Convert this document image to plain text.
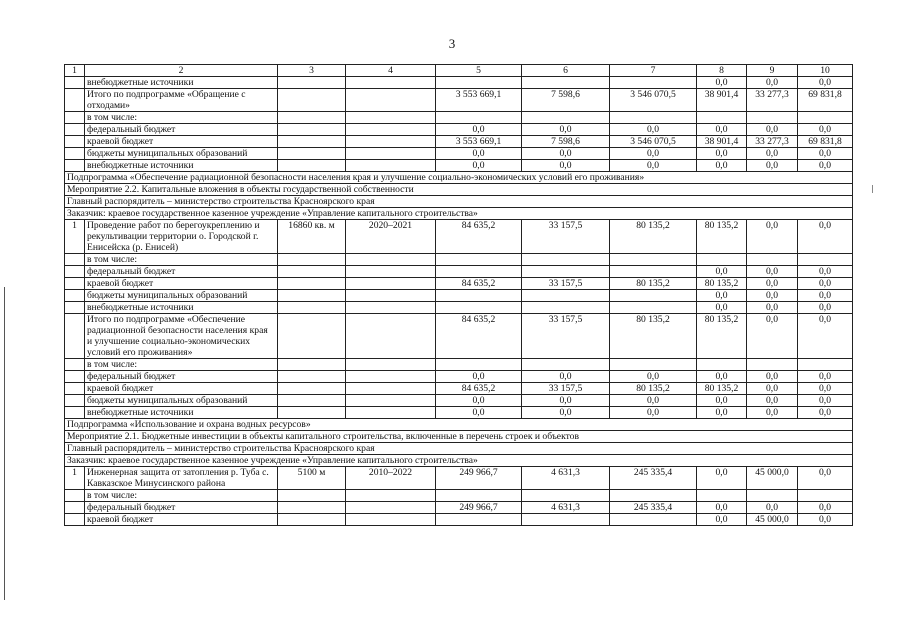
3
1	2	3	4	5	6	7	8	9	10
	внебюджетные источники						0,0	0,0	0,0
	Итого по подпрограмме «Обращение с отходами»			3 553 669,1	7 598,6	3 546 070,5	38 901,4	33 277,3	69 831,8
	в том числе:								
	федеральный бюджет			0,0	0,0	0,0	0,0	0,0	0,0
	краевой бюджет			3 553 669,1	7 598,6	3 546 070,5	38 901,4	33 277,3	69 831,8
	бюджеты муниципальных образований			0,0	0,0	0,0	0,0	0,0	0,0
	внебюджетные источники			0,0	0,0	0,0	0,0	0,0	0,0
Подпрограмма «Обеспечение радиационной безопасности населения края и улучшение социально-экономических условий его проживания»									
Мероприятие 2.2. Капитальные вложения в объекты государственной собственности									
Главный распорядитель – министерство строительства Красноярского края									
Заказчик: краевое государственное казенное учреждение «Управление капитального строительства»									
1	Проведение работ по берегоукреплению и рекультивации территории о. Городской г. Енисейска (р. Енисей)	16860 кв. м	2020–2021	84 635,2	33 157,5	80 135,2	80 135,2	0,0	0,0
	в том числе:								
	федеральный бюджет						0,0	0,0	0,0
	краевой бюджет			84 635,2	33 157,5	80 135,2	80 135,2	0,0	0,0
	бюджеты муниципальных образований						0,0	0,0	0,0
	внебюджетные источники						0,0	0,0	0,0
	Итого по подпрограмме «Обеспечение радиационной безопасности населения края и улучшение социально-экономических условий его проживания»			84 635,2	33 157,5	80 135,2	80 135,2	0,0	0,0
	в том числе:								
	федеральный бюджет			0,0	0,0	0,0	0,0	0,0	0,0
	краевой бюджет			84 635,2	33 157,5	80 135,2	80 135,2	0,0	0,0
	бюджеты муниципальных образований			0,0	0,0	0,0	0,0	0,0	0,0
	внебюджетные источники			0,0	0,0	0,0	0,0	0,0	0,0
Подпрограмма «Использование и охрана водных ресурсов»									
Мероприятие 2.1. Бюджетные инвестиции в объекты капитального строительства, включенные в перечень строек и объектов									
Главный распорядитель – министерство строительства Красноярского края									
Заказчик: краевое государственное казенное учреждение «Управление капитального строительства»									
1	Инженерная защита от затопления р. Туба с. Кавказское Минусинского района	5100 м	2010–2022	249 966,7	4 631,3	245 335,4	0,0	45 000,0	0,0
	в том числе:								
	федеральный бюджет			249 966,7	4 631,3	245 335,4	0,0	0,0	0,0
	краевой бюджет						0,0	45 000,0	0,0
